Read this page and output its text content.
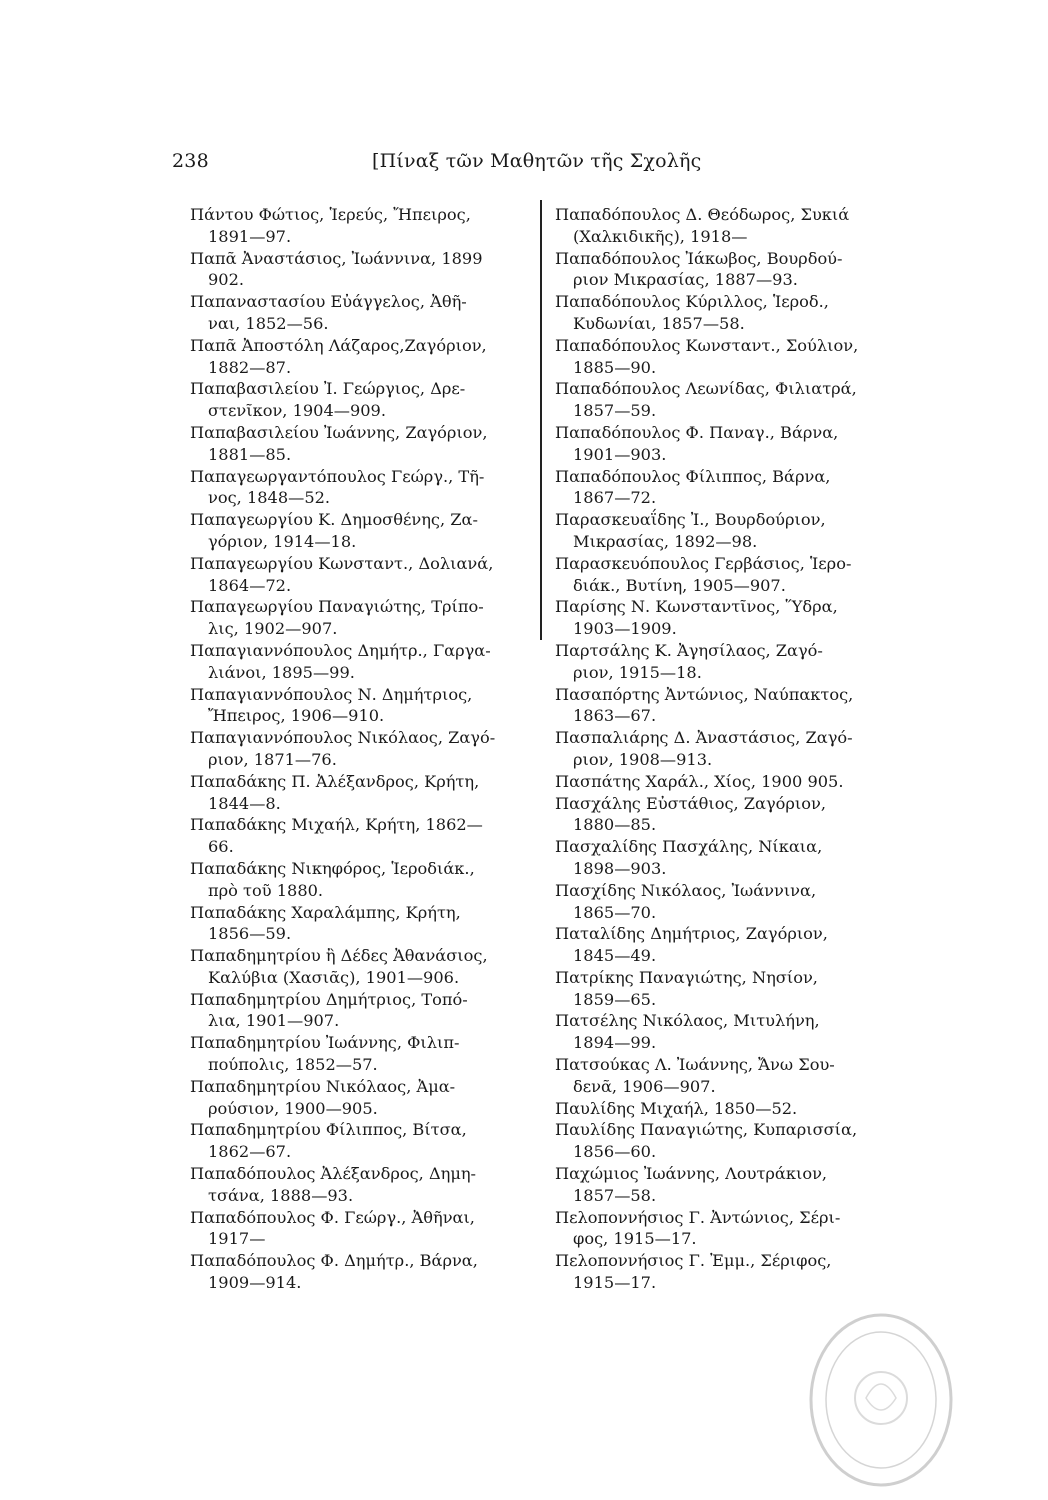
238	[Πίναξ τῶν Μαθητῶν τῆς Σχολῆς
Πάντου Φώτιος, Ἱερεύς, Ἤπειρος,
1891—97.
Παπᾶ Ἀναστάσιος, Ἰωάννινα, 1899
902.
Παπαναστασίου Εὐάγγελος, Ἀθῆ-
ναι, 1852—56.
Παπᾶ Ἀποστόλη Λάζαρος,Ζαγόριον,
1882—87.
Παπαβασιλείου Ἰ. Γεώργιος, Δρε-
στενῖκον, 1904—909.
Παπαβασιλείου Ἰωάννης, Ζαγόριον,
1881—85.
Παπαγεωργαντόπουλος Γεώργ., Τῆ-
νος, 1848—52.
Παπαγεωργίου Κ. Δημοσθένης, Ζα-
γόριον, 1914—18.
Παπαγεωργίου Κωνσταντ., Δολιανά,
1864—72.
Παπαγεωργίου Παναγιώτης, Τρίπο-
λις, 1902—907.
Παπαγιαννόπουλος Δημήτρ., Γαργα-
λιάνοι, 1895—99.
Παπαγιαννόπουλος Ν. Δημήτριος,
Ἤπειρος, 1906—910.
Παπαγιαννόπουλος Νικόλαος, Ζαγό-
ριον, 1871—76.
Παπαδάκης Π. Ἀλέξανδρος, Κρήτη,
1844—8.
Παπαδάκης Μιχαήλ, Κρήτη, 1862—
66.
Παπαδάκης Νικηφόρος, Ἱεροδιάκ.,
πρὸ τοῦ 1880.
Παπαδάκης Χαραλάμπης, Κρήτη,
1856—59.
Παπαδημητρίου ἢ Δέδες Ἀθανάσιος,
Καλύβια (Χασιᾶς), 1901—906.
Παπαδημητρίου Δημήτριος, Τοπό-
λια, 1901—907.
Παπαδημητρίου Ἰωάννης, Φιλιπ-
πούπολις, 1852—57.
Παπαδημητρίου Νικόλαος, Ἀμα-
ρούσιον, 1900—905.
Παπαδημητρίου Φίλιππος, Βίτσα,
1862—67.
Παπαδόπουλος Ἀλέξανδρος, Δημη-
τσάνα, 1888—93.
Παπαδόπουλος Φ. Γεώργ., Ἀθῆναι,
1917—
Παπαδόπουλος Φ. Δημήτρ., Βάρνα,
1909—914.
Παπαδόπουλος Δ. Θεόδωρος, Συκιά
(Χαλκιδικῆς), 1918—
Παπαδόπουλος Ἰάκωβος, Βουρδού-
ριον Μικρασίας, 1887—93.
Παπαδόπουλος Κύριλλος, Ἱεροδ.,
Κυδωνίαι, 1857—58.
Παπαδόπουλος Κωνσταντ., Σούλιον,
1885—90.
Παπαδόπουλος Λεωνίδας, Φιλιατρά,
1857—59.
Παπαδόπουλος Φ. Παναγ., Βάρνα,
1901—903.
Παπαδόπουλος Φίλιππος, Βάρνα,
1867—72.
Παρασκευαΐδης Ἰ., Βουρδούριον,
Μικρασίας, 1892—98.
Παρασκευόπουλος Γερβάσιος, Ἱερο-
διάκ., Βυτίνη, 1905—907.
Παρίσης Ν. Κωνσταντῖνος, Ὕδρα,
1903—1909.
Παρτσάλης Κ. Ἀγησίλαος, Ζαγό-
ριον, 1915—18.
Πασαπόρτης Ἀντώνιος, Ναύπακτος,
1863—67.
Πασπαλιάρης Δ. Ἀναστάσιος, Ζαγό-
ριον, 1908—913.
Πασπάτης Χαράλ., Χίος, 1900 905.
Πασχάλης Εὐστάθιος, Ζαγόριον,
1880—85.
Πασχαλίδης Πασχάλης, Νίκαια,
1898—903.
Πασχίδης Νικόλαος, Ἰωάννινα,
1865—70.
Παταλίδης Δημήτριος, Ζαγόριον,
1845—49.
Πατρίκης Παναγιώτης, Νησίον,
1859—65.
Πατσέλης Νικόλαος, Μιτυλήνη,
1894—99.
Πατσούκας Λ. Ἰωάννης, Ἄνω Σου-
δενᾶ, 1906—907.
Παυλίδης Μιχαήλ, 1850—52.
Παυλίδης Παναγιώτης, Κυπαρισσία,
1856—60.
Παχώμιος Ἰωάννης, Λουτράκιον,
1857—58.
Πελοποννήσιος Γ. Ἀντώνιος, Σέρι-
φος, 1915—17.
Πελοποννήσιος Γ. Ἐμμ., Σέριφος,
1915—17.
